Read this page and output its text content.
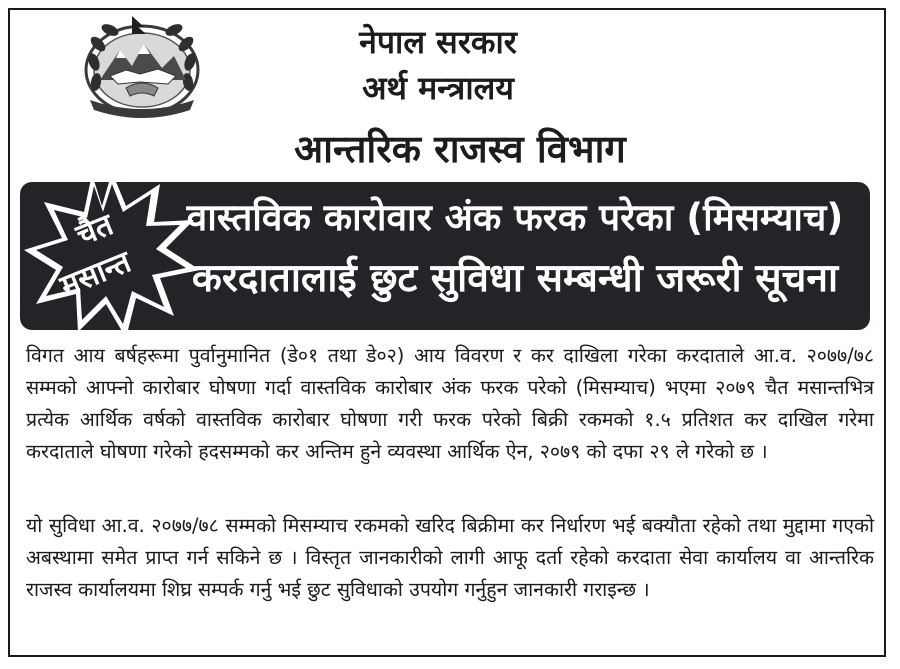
नेपाल सरकार
अर्थ मन्त्रालय
आन्तरिक राजस्व विभाग
चैत
मसान्त
वास्तविक कारोवार अंक फरक परेका (मिसम्याच)
करदातालाई छुट सुविधा सम्बन्धी जरूरी सूचना
विगत आय बर्षहरूमा पुर्वानुमानित (डे०१ तथा डे०२) आय विवरण र कर दाखिला गरेका करदाताले आ.व. २०७७/७८ सम्मको आफ्नो कारोबार घोषणा गर्दा वास्तविक कारोबार अंक फरक परेको (मिसम्याच) भएमा २०७९ चैत मसान्तभित्र प्रत्येक आर्थिक वर्षको वास्तविक कारोबार घोषणा गरी फरक परेको बिक्री रकमको १.५ प्रतिशत कर दाखिल गरेमा करदाताले घोषणा गरेको हदसम्मको कर अन्तिम हुने व्यवस्था आर्थिक ऐन, २०७९ को दफा २९ ले गरेको छ ।
यो सुविधा आ.व. २०७७/७८ सम्मको मिसम्याच रकमको खरिद बिक्रीमा कर निर्धारण भई बक्यौता रहेको तथा मुद्दामा गएको अबस्थामा समेत प्राप्त गर्न सकिने छ । विस्तृत जानकारीको लागी आफू दर्ता रहेको करदाता सेवा कार्यालय वा आन्तरिक राजस्व कार्यालयमा शिघ्र सम्पर्क गर्नु भई छुट सुविधाको उपयोग गर्नुहुन जानकारी गराइन्छ ।
